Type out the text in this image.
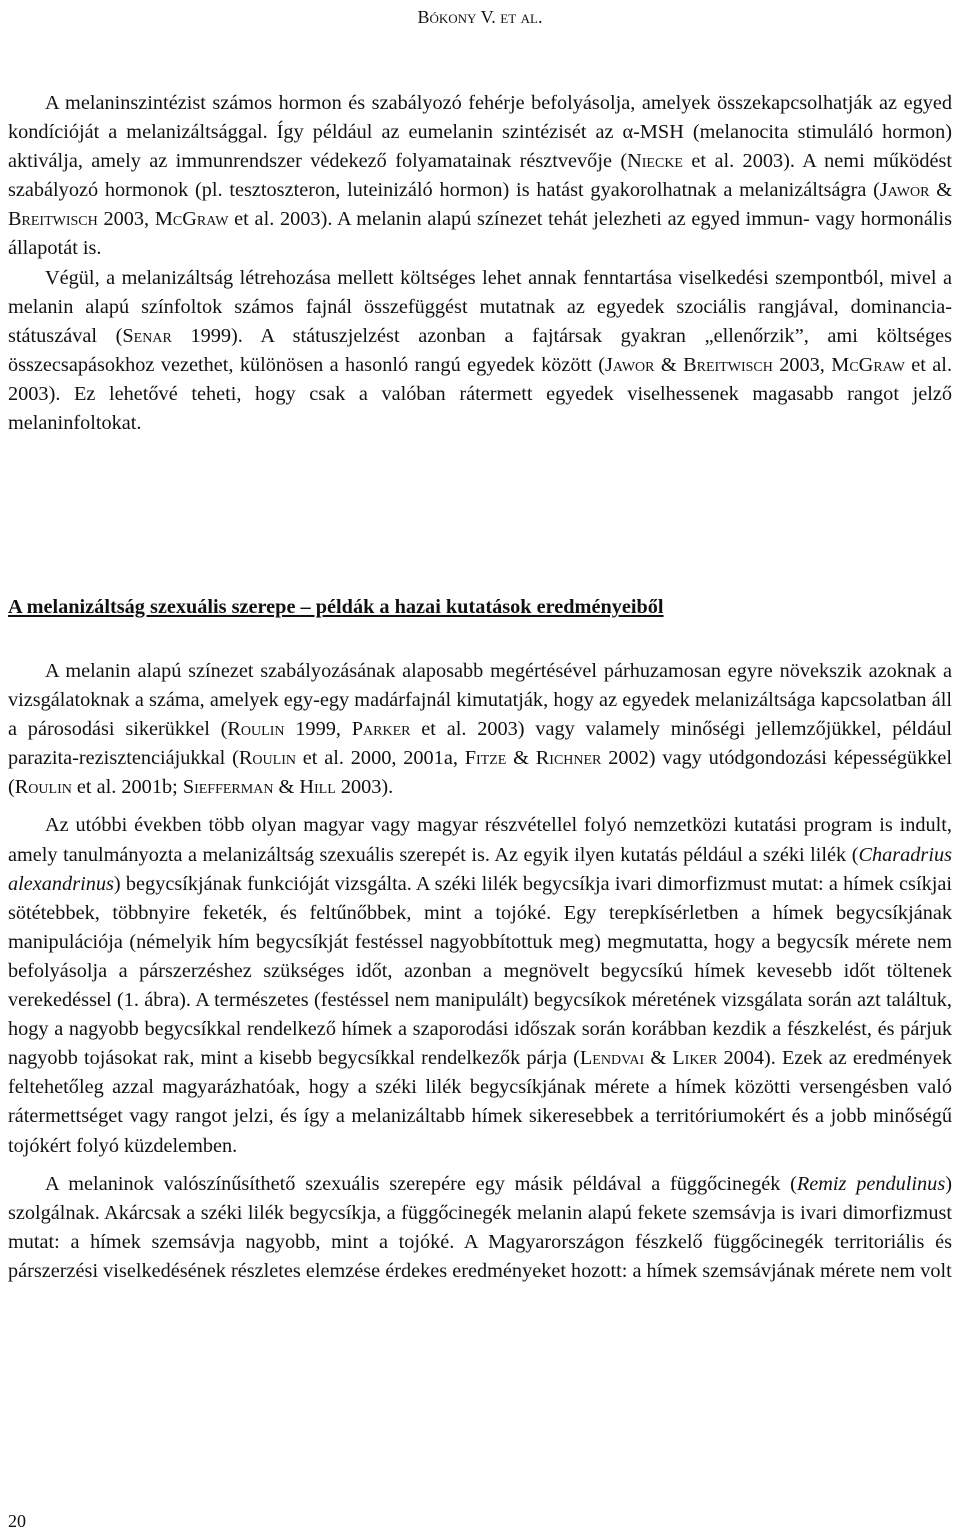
Bókony V. et al.

A melaninszintézist számos hormon és szabályozó fehérje befolyásolja, amelyek összekapcsolhatják az egyed kondícióját a melanizáltsággal. Így például az eumelanin szintézisét az α-MSH (melanocita stimuláló hormon) aktiválja, amely az immunrendszer védekező folyamatainak résztvevője (Niecke et al. 2003). A nemi működést szabályozó hormonok (pl. tesztoszteron, luteinizáló hormon) is hatást gyakorolhatnak a melanizáltságra (Jawor & Breitwisch 2003, McGraw et al. 2003). A melanin alapú színezet tehát jelezheti az egyed immun- vagy hormonális állapotát is.

Végül, a melanizáltság létrehozása mellett költséges lehet annak fenntartása viselkedési szempontból, mivel a melanin alapú színfoltok számos fajnál összefüggést mutatnak az egyedek szociális rangjával, dominancia-státuszával (Senar 1999). A státuszjelzést azonban a fajtársak gyakran „ellenőrzik”, ami költséges összecsapásokhoz vezethet, különösen a hasonló rangú egyedek között (Jawor & Breitwisch 2003, McGraw et al. 2003). Ez lehetővé teheti, hogy csak a valóban rátermett egyedek viselhessenek magasabb rangot jelző melaninfoltokat.

A melanizáltság szexuális szerepe – példák a hazai kutatások eredményeiből

A melanin alapú színezet szabályozásának alaposabb megértésével párhuzamosan egyre növekszik azoknak a vizsgálatoknak a száma, amelyek egy-egy madárfajnál kimutatják, hogy az egyedek melanizáltsága kapcsolatban áll a párosodási sikerükkel (Roulin 1999, Parker et al. 2003) vagy valamely minőségi jellemzőjükkel, például parazita-rezisztenciájukkal (Roulin et al. 2000, 2001a, Fitze & Richner 2002) vagy utódgondozási képességükkel (Roulin et al. 2001b; Siefferman & Hill 2003).

Az utóbbi években több olyan magyar vagy magyar részvétellel folyó nemzetközi kutatási program is indult, amely tanulmányozta a melanizáltság szexuális szerepét is. Az egyik ilyen kutatás például a széki lilék (Charadrius alexandrinus) begycsíkjának funkcióját vizsgálta. A széki lilék begycsíkja ivari dimorfizmust mutat: a hímek csíkjai sötétebbek, többnyire feketék, és feltűnőbbek, mint a tojóké. Egy terepkísérletben a hímek begycsíkjának manipulációja (némelyik hím begycsíkját festéssel nagyobbítottuk meg) megmutatta, hogy a begycsík mérete nem befolyásolja a párszerzéshez szükséges időt, azonban a megnövelt begycsíkú hímek kevesebb időt töltenek verekedéssel (1. ábra). A természetes (festéssel nem manipulált) begycsíkok méretének vizsgálata során azt találtuk, hogy a nagyobb begycsíkkal rendelkező hímek a szaporodási időszak során korábban kezdik a fészkelést, és párjuk nagyobb tojásokat rak, mint a kisebb begycsíkkal rendelkezők párja (Lendvai & Liker 2004). Ezek az eredmények feltehetőleg azzal magyarázhatóak, hogy a széki lilék begycsíkjának mérete a hímek közötti versengésben való rátermettséget vagy rangot jelzi, és így a melanizáltabb hímek sikeresebbek a territóriumokért és a jobb minőségű tojókért folyó küzdelemben.

A melaninok valószínűsíthető szexuális szerepére egy másik példával a függőcinegék (Remiz pendulinus) szolgálnak. Akárcsak a széki lilék begycsíkja, a függőcinegék melanin alapú fekete szemsávja is ivari dimorfizmust mutat: a hímek szemsávja nagyobb, mint a tojóké. A Magyarországon fészkelő függőcinegék territoriális és párszerzési viselkedésének részletes elemzése érdekes eredményeket hozott: a hímek szemsávjának mérete nem volt

20
